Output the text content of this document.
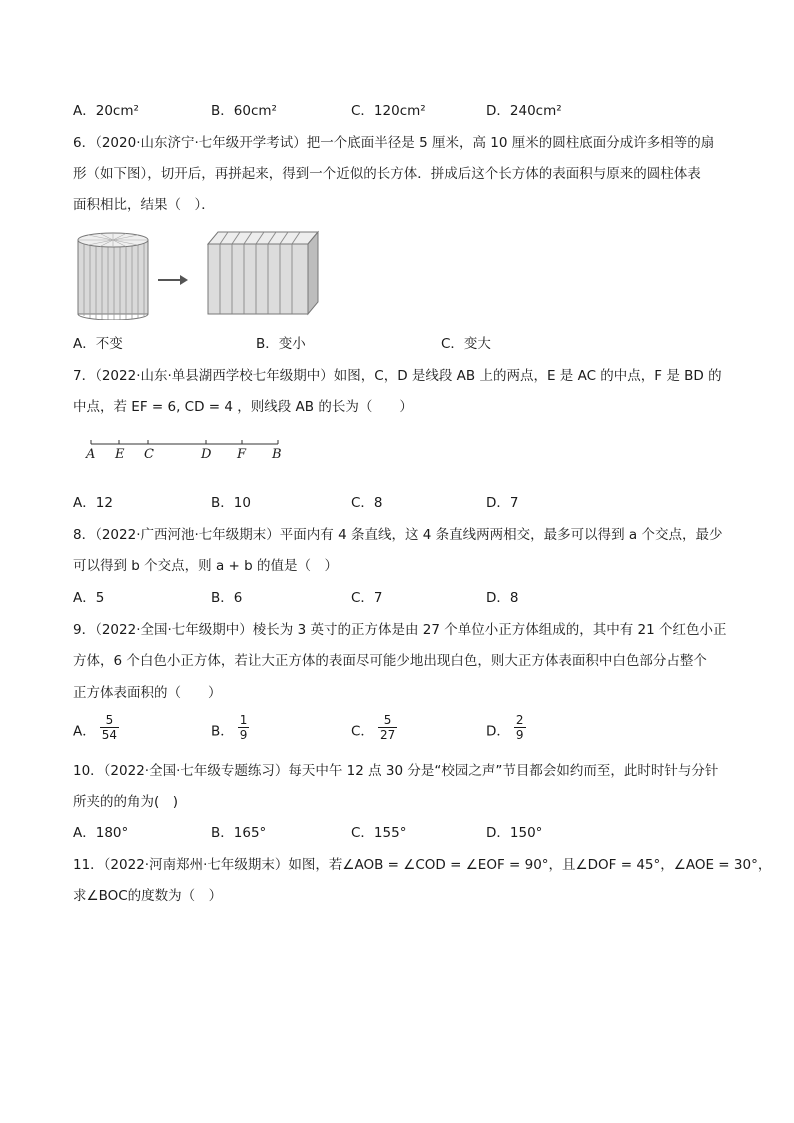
A．20cm²	B．60cm²	C．120cm²	D．240cm²
6．（2020·山东济宁·七年级开学考试）把一个底面半径是 5 厘米，高 10 厘米的圆柱底面分成许多相等的扇
形（如下图），切开后，再拼起来，得到一个近似的长方体．拼成后这个长方体的表面积与原来的圆柱体表
面积相比，结果（　）．
A．不变	B．变小	C．变大
7．（2022·山东·单县湖西学校七年级期中）如图，C，D 是线段 AB 上的两点，E 是 AC 的中点，F 是 BD 的
中点，若 EF = 6, CD = 4 ，则线段 AB 的长为（　　）
A E C	D F B
A．12	B．10	C．8	D．7
8．（2022·广西河池·七年级期末）平面内有 4 条直线，这 4 条直线两两相交，最多可以得到 a 个交点，最少
可以得到 b 个交点，则 a + b 的值是（　）
A．5	B．6	C．7	D．8
9．（2022·全国·七年级期中）棱长为 3 英寸的正方体是由 27 个单位小正方体组成的，其中有 21 个红色小正
方体，6 个白色小正方体，若让大正方体的表面尽可能少地出现白色，则大正方体表面积中白色部分占整个
正方体表面积的（　　）
A． $\frac{5}{54}$	B． $\frac{1}{9}$	C． $\frac{5}{27}$	D． $\frac{2}{9}$
10．（2022·全国·七年级专题练习）每天中午 12 点 30 分是“校园之声”节目都会如约而至，此时时针与分针
所夹的的角为(　)
A．180°	B．165°	C．155°	D．150°
11．（2022·河南郑州·七年级期末）如图，若∠AOB = ∠COD = ∠EOF = 90°，且∠DOF = 45°，∠AOE = 30°，
求∠BOC的度数为（　）
